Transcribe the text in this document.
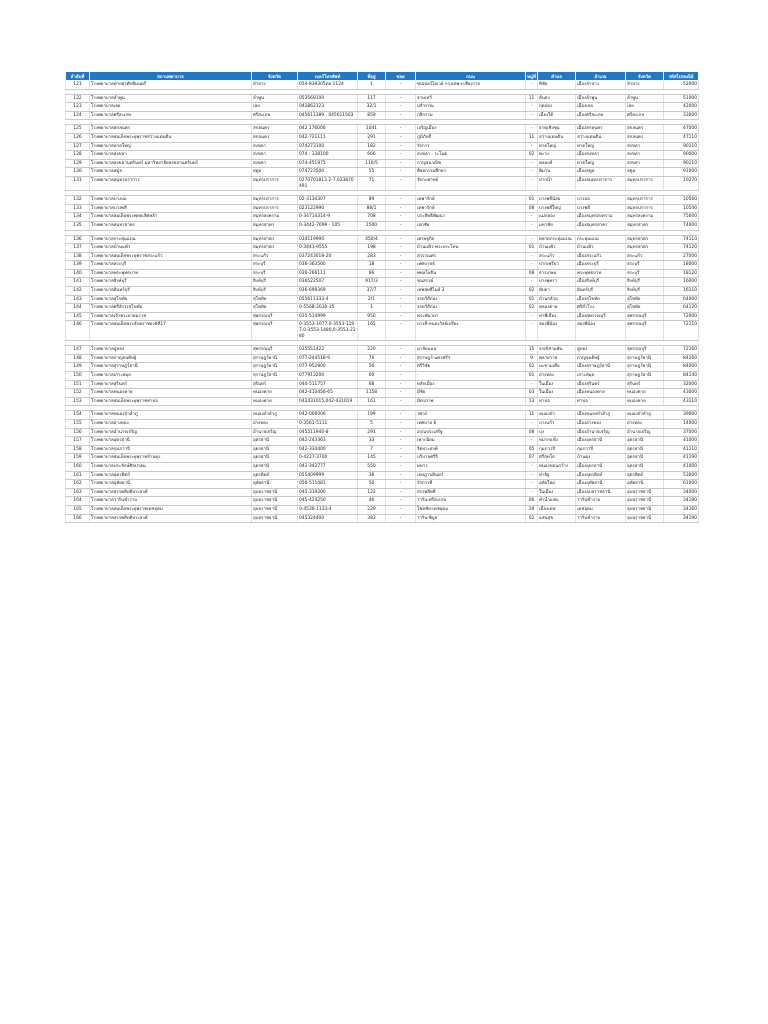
ลำดับที่	สถานพยาบาล	จังหวัด	เบอร์โทรศัพท์	ที่อยู่	ซอย	ถนน	หมู่ที่	ตำบล	อำเภอ	จังหวัด	รหัสไปรษณีย์
121	โรงพยาบาลค่ายสุรศักดิ์มนตรี	ลำปาง	054-839305ต่อ 1124	1	-	ซุปเปอร์ไฮเวย์ กรุงเทพฯ-เชียงราย	-	พิชัย	เมืองลำปาง	ลำปาง	52000

122	โรงพยาบาลลำพูน	ลำพูน	053569100	117	-	จามเทวี	11	ต้นธง	เมืองลำพูน	ลำพูน	51000
123	โรงพยาบาลเลย	เลย	042862123	32/1	-	มลิวรรณ	-	กุดป่อง	เมืองเลย	เลย	42000
124	โรงพยาบาลศรีสะเกษ	ศรีสะเกษ	045611389 , 045611503	859	-	กสิกรรม	-	เมืองใต้	เมืองศรีสะเกษ	ศรีสะเกษ	33000

125	โรงพยาบาลสกลนคร	สกลนคร	042 176000	1041	-	เจริญเมือง	-	ธาตุเชิงชุม	เมืองสกลนคร	สกลนคร	47000
126	โรงพยาบาลสมเด็จพระยุพราชสว่างแดนดิน	สกลนคร	042-721111	291	-	ภูมิภักดิ์	11	สว่างแดนดิน	สว่างแดนดิน	สกลนคร	47110
127	โรงพยาบาลหาดใหญ่	สงขลา	074273100	182	-	รัถการ	-	หาดใหญ่	หาดใหญ่	สงขลา	90110
128	โรงพยาบาลสงขลา	สงขลา	074 - 338100	666	-	สงขลา - ระโนด	02	พะวง	เมืองสงขลา	สงขลา	90000
129	โรงพยาบาลสงขลานครินทร์ มหาวิทยาลัยสงขลานครินทร์	สงขลา	074-451975	110/5	-	กาญจนวณิช	-	คอหงส์	หาดใหญ่	สงขลา	90110
130	โรงพยาบาลสตูล	สตูล	074723500	55	-	ศัลยกรรมศึกษา	-	พิมาน	เมืองสตูล	สตูล	91000
131	โรงพยาบาลสมุทรปราการ	สมุทรปราการ	0270701813 2-7,023870491	71	-	จักกะพาทย์	-	ปากน้ำ	เมืองสมุทรปราการ	สมุทรปราการ	10270

132	โรงพยาบาลบางบ่อ	สมุทรปราการ	02-3134307	89	-	เทพารักษ์	01	บางพลีน้อย	บางบ่อ	สมุทรปราการ	10560
133	โรงพยาบาลบางพลี	สมุทรปราการ	023122990	88/1	-	เทพารักษ์	08	บางพลีใหญ่	บางพลี	สมุทรปราการ	10540
134	โรงพยาบาลสมเด็จพระพุทธเลิศหล้า	สมุทรสงคราม	0-34714314-9	708	-	ประสิทธิ์พัฒนา	-	แม่กลอง	เมืองสมุทรสงคราม	สมุทรสงคราม	75000
135	โรงพยาบาลสมุทรสาคร	สมุทรสาคร	0-3442-7099 - 105	1500	-	เอกชัย	-	มหาชัย	เมืองสมุทรสาคร	สมุทรสาคร	74000

136	โรงพยาบาลกระทุ่มแบน	สมุทรสาคร	034119990	450/4	-	เศรษฐกิจ	-	ตลาดกระทุ่มแบน	กระทุ่มแบน	สมุทรสาคร	74110
137	โรงพยาบาลบ้านแพ้ว	สมุทรสาคร	0-3441-9555	198	-	บ้านแพ้ว-พระประโทน	01	บ้านแพ้ว	บ้านแพ้ว	สมุทรสาคร	74120
138	โรงพยาบาลสมเด็จพระยุพราชสระแก้ว	สระแก้ว	037243018-20	283	-	สุวรรณศร	-	สระแก้ว	เมืองสระแก้ว	สระแก้ว	27000
139	โรงพยาบาลสระบุรี	สระบุรี	036-363500	18	-	เทศบาล4	-	ปากเพรียว	เมืองสระบุรี	สระบุรี	18000
140	โรงพยาบาลพระพุทธบาท	สระบุรี	036-266111	86	-	พหลโยธิน	08	ธารเกษม	พระพุทธบาท	สระบุรี	18120
141	โรงพยาบาลสิงห์บุรี	สิงห์บุรี	036522507	917/3	-	ขุนสรรค์	-	บางพุทรา	เมืองสิงห์บุรี	สิงห์บุรี	16000
142	โรงพยาบาลอินทร์บุรี	สิงห์บุรี	036-699369	37/7	-	เทพสุทธิ์ไมล์ 2	02	ทับยา	อินทร์บุรี	สิงห์บุรี	16110
143	โรงพยาบาลสุโขทัย	สุโขทัย	055611333-4	2/1	-	จรดวิถีถ่อง	01	บ้านกล้วย	เมืองสุโขทัย	สุโขทัย	64000
144	โรงพยาบาลศรีสังวรสุโขทัย	สุโขทัย	0-5568-2030-35	1	-	จรดวิถีถ่อง	02	คลองตาล	ศรีสำโรง	สุโขทัย	64120
145	โรงพยาบาลเจ้าพระยายมราช	สุพรรณบุรี	035-514999	950	-	พระพันวษา	-	ท่าพี่เลี้ยง	เมืองสุพรรณบุรี	สุพรรณบุรี	72000
146	โรงพยาบาลสมเด็จพระสังฆราชองค์ที่17	สุพรรณบุรี	0-3553-1077,0-3553-1197,0-3553-1480,0-3553-2280	165	-	บางลี่-หนองวัลย์เปรียง	-	สองพี่น้อง	สองพี่น้อง	สุพรรณบุรี	72110

147	โรงพยาบาลอู่ทอง	สุพรรณบุรี	035551422	220	-	มาลัยแมน	15	จรเข้สามพัน	อู่ทอง	สุพรรณบุรี	72160
148	โรงพยาบาลกาญจนดิษฐ์	สุราษฎร์ธานี	077-244518-9	76	-	สุราษฎร์-นครศรีฯ	9	พลายวาส	กาญจนดิษฐ์	สุราษฎร์ธานี	84160
149	โรงพยาบาลสุราษฎร์ธานี	สุราษฎร์ธานี	077-952900	56	-	ศรีวิชัย	02	มะขามเตี้ย	เมืองสุราษฎร์ธานี	สุราษฎร์ธานี	84000
150	โรงพยาบาลเกาะสมุย	สุราษฎร์ธานี	077913200	60	-	-	01	อ่างทอง	เกาะสมุย	สุราษฎร์ธานี	84140
151	โรงพยาบาลสุรินทร์	สุรินทร์	044-511757	68	-	หลักเมือง	-	ในเมือง	เมืองสุรินทร์	สุรินทร์	32000
152	โรงพยาบาลหนองคาย	หนองคาย	042-413456-65	1158	-	มีชัย	03	ในเมือง	เมืองหนองคาย	หนองคาย	43000
153	โรงพยาบาลสมเด็จพระยุพราชท่าบ่อ	หนองคาย	042431015,042-431019	161	-	มิตรภาพ	13	ท่าบ่อ	ท่าบ่อ	หนองคาย	43110

154	โรงพยาบาลหนองบัวลำภู	หนองบัวลำภู	042-006006	199	-	วศวง์	11	หนองบัว	เมืองหนองบัวลำภู	หนองบัวลำภู	39000
155	โรงพยาบาลอ่างทอง	อ่างทอง	0-3561-5111	5	-	เทศบาล 6	-	บางแก้ว	เมืองอ่างทอง	อ่างทอง	14000
156	โรงพยาบาลอำนาจเจริญ	อำนาจเจริญ	045511940-8	291	-	อรุณประเสริฐ	08	บุ่ง	เมืองอำนาจเจริญ	อำนาจเจริญ	37000
157	โรงพยาบาลอุดรธานี	อุดรธานี	042-243363	33	-	เพาะนิยม	-	หมากแข้ง	เมืองอุดรธานี	อุดรธานี	41000
158	โรงพยาบาลกุมภวาปี	อุดรธานี	042-334400	7	-	จิตประสงค์	05	กุมภวาปี	กุมภวาปี	อุดรธานี	41110
159	โรงพยาบาลสมเด็จพระยุพราชบ้านดุง	อุดรธานี	0-4227-3700	145	-	บริบาลศรีจิ	07	ศรีสุทโธ	บ้านดุง	อุดรธานี	41190
160	โรงพยาบาลประจักษ์ศิลปาคม	อุดรธานี	042-342777	550	-	ทหาร	-	หนองขอนกว้าง	เมืองอุดรธานี	อุดรธานี	41000
161	โรงพยาบาลอุตรดิตถ์	อุตรดิตถ์	055409999	38	-	เจษฎาบดินทร์	-	ท่าอิฐ	เมืองอุตรดิตถ์	อุตรดิตถ์	53000
162	โรงพยาบาลอุทัยธานี	อุทัยธานี	056-511081	56	-	รักการดี	-	อุทัยใหม่	เมืองอุทัยธานี	อุทัยธานี	61000
163	โรงพยาบาลสรรพสิทธิประสงค์	อุบลราชธานี	045-319200	122	-	สรรพสิทธิ์	-	ในเมือง	เมืองอุบลราชธานี	อุบลราชธานี	34000
164	โรงพยาบาลวารินชำราบ	อุบลราชธานี	045-424250	46	-	วาริน-ศรีสะเกษ	06	คำน้ำแซบ	วารินชำราบ	อุบลราชธานี	34190
165	โรงพยาบาลสมเด็จพระยุพราชเดชอุดม	อุบลราชธานี	0-4536-1133-4	229	-	โชคชัย-เดชอุดม	19	เมืองเดช	เดชอุดม	อุบลราชธานี	34160
166	โรงพยาบาลสรรพสิทธิประสงค์	อุบลราชธานี	045324400	383	-	วาริน-พิบูล	02	แสนสุข	วารินชำราบ	อุบลราชธานี	34190
